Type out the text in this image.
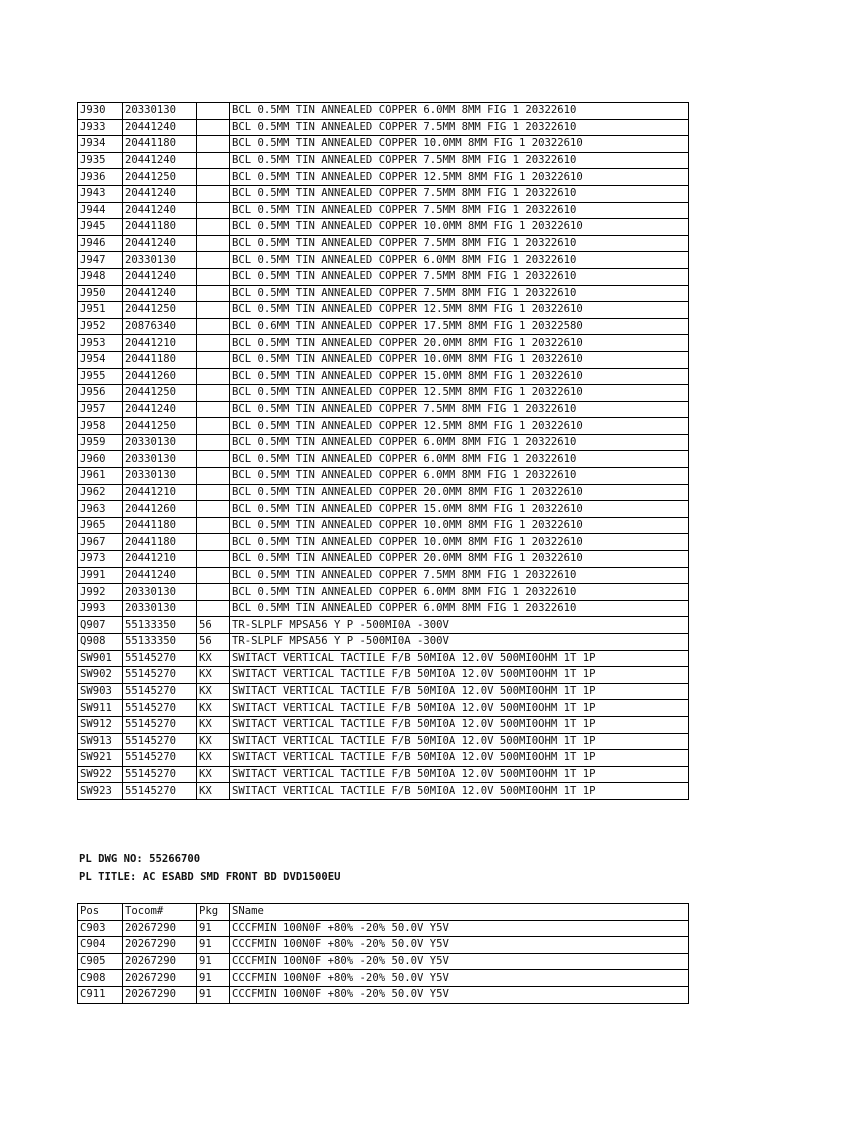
J930	20330130		BCL 0.5MM TIN ANNEALED COPPER 6.0MM 8MM FIG 1 20322610
J933	20441240		BCL 0.5MM TIN ANNEALED COPPER 7.5MM 8MM FIG 1 20322610
J934	20441180		BCL 0.5MM TIN ANNEALED COPPER 10.0MM 8MM FIG 1 20322610
J935	20441240		BCL 0.5MM TIN ANNEALED COPPER 7.5MM 8MM FIG 1 20322610
J936	20441250		BCL 0.5MM TIN ANNEALED COPPER 12.5MM 8MM FIG 1 20322610
J943	20441240		BCL 0.5MM TIN ANNEALED COPPER 7.5MM 8MM FIG 1 20322610
J944	20441240		BCL 0.5MM TIN ANNEALED COPPER 7.5MM 8MM FIG 1 20322610
J945	20441180		BCL 0.5MM TIN ANNEALED COPPER 10.0MM 8MM FIG 1 20322610
J946	20441240		BCL 0.5MM TIN ANNEALED COPPER 7.5MM 8MM FIG 1 20322610
J947	20330130		BCL 0.5MM TIN ANNEALED COPPER 6.0MM 8MM FIG 1 20322610
J948	20441240		BCL 0.5MM TIN ANNEALED COPPER 7.5MM 8MM FIG 1 20322610
J950	20441240		BCL 0.5MM TIN ANNEALED COPPER 7.5MM 8MM FIG 1 20322610
J951	20441250		BCL 0.5MM TIN ANNEALED COPPER 12.5MM 8MM FIG 1 20322610
J952	20876340		BCL 0.6MM TIN ANNEALED COPPER 17.5MM 8MM FIG 1 20322580
J953	20441210		BCL 0.5MM TIN ANNEALED COPPER 20.0MM 8MM FIG 1 20322610
J954	20441180		BCL 0.5MM TIN ANNEALED COPPER 10.0MM 8MM FIG 1 20322610
J955	20441260		BCL 0.5MM TIN ANNEALED COPPER 15.0MM 8MM FIG 1 20322610
J956	20441250		BCL 0.5MM TIN ANNEALED COPPER 12.5MM 8MM FIG 1 20322610
J957	20441240		BCL 0.5MM TIN ANNEALED COPPER 7.5MM 8MM FIG 1 20322610
J958	20441250		BCL 0.5MM TIN ANNEALED COPPER 12.5MM 8MM FIG 1 20322610
J959	20330130		BCL 0.5MM TIN ANNEALED COPPER 6.0MM 8MM FIG 1 20322610
J960	20330130		BCL 0.5MM TIN ANNEALED COPPER 6.0MM 8MM FIG 1 20322610
J961	20330130		BCL 0.5MM TIN ANNEALED COPPER 6.0MM 8MM FIG 1 20322610
J962	20441210		BCL 0.5MM TIN ANNEALED COPPER 20.0MM 8MM FIG 1 20322610
J963	20441260		BCL 0.5MM TIN ANNEALED COPPER 15.0MM 8MM FIG 1 20322610
J965	20441180		BCL 0.5MM TIN ANNEALED COPPER 10.0MM 8MM FIG 1 20322610
J967	20441180		BCL 0.5MM TIN ANNEALED COPPER 10.0MM 8MM FIG 1 20322610
J973	20441210		BCL 0.5MM TIN ANNEALED COPPER 20.0MM 8MM FIG 1 20322610
J991	20441240		BCL 0.5MM TIN ANNEALED COPPER 7.5MM 8MM FIG 1 20322610
J992	20330130		BCL 0.5MM TIN ANNEALED COPPER 6.0MM 8MM FIG 1 20322610
J993	20330130		BCL 0.5MM TIN ANNEALED COPPER 6.0MM 8MM FIG 1 20322610
Q907	55133350	56	TR-SLPLF MPSA56 Y P -500MI0A -300V
Q908	55133350	56	TR-SLPLF MPSA56 Y P -500MI0A -300V
SW901	55145270	KX	SWITACT VERTICAL TACTILE F/B 50MI0A 12.0V 500MI0OHM 1T 1P
SW902	55145270	KX	SWITACT VERTICAL TACTILE F/B 50MI0A 12.0V 500MI0OHM 1T 1P
SW903	55145270	KX	SWITACT VERTICAL TACTILE F/B 50MI0A 12.0V 500MI0OHM 1T 1P
SW911	55145270	KX	SWITACT VERTICAL TACTILE F/B 50MI0A 12.0V 500MI0OHM 1T 1P
SW912	55145270	KX	SWITACT VERTICAL TACTILE F/B 50MI0A 12.0V 500MI0OHM 1T 1P
SW913	55145270	KX	SWITACT VERTICAL TACTILE F/B 50MI0A 12.0V 500MI0OHM 1T 1P
SW921	55145270	KX	SWITACT VERTICAL TACTILE F/B 50MI0A 12.0V 500MI0OHM 1T 1P
SW922	55145270	KX	SWITACT VERTICAL TACTILE F/B 50MI0A 12.0V 500MI0OHM 1T 1P
SW923	55145270	KX	SWITACT VERTICAL TACTILE F/B 50MI0A 12.0V 500MI0OHM 1T 1P
PL DWG NO: 55266700
PL TITLE: AC ESABD SMD FRONT BD DVD1500EU
Pos	Tocom#	Pkg	SName
C903	20267290	91	CCCFMIN 100N0F +80% -20% 50.0V Y5V
C904	20267290	91	CCCFMIN 100N0F +80% -20% 50.0V Y5V
C905	20267290	91	CCCFMIN 100N0F +80% -20% 50.0V Y5V
C908	20267290	91	CCCFMIN 100N0F +80% -20% 50.0V Y5V
C911	20267290	91	CCCFMIN 100N0F +80% -20% 50.0V Y5V
